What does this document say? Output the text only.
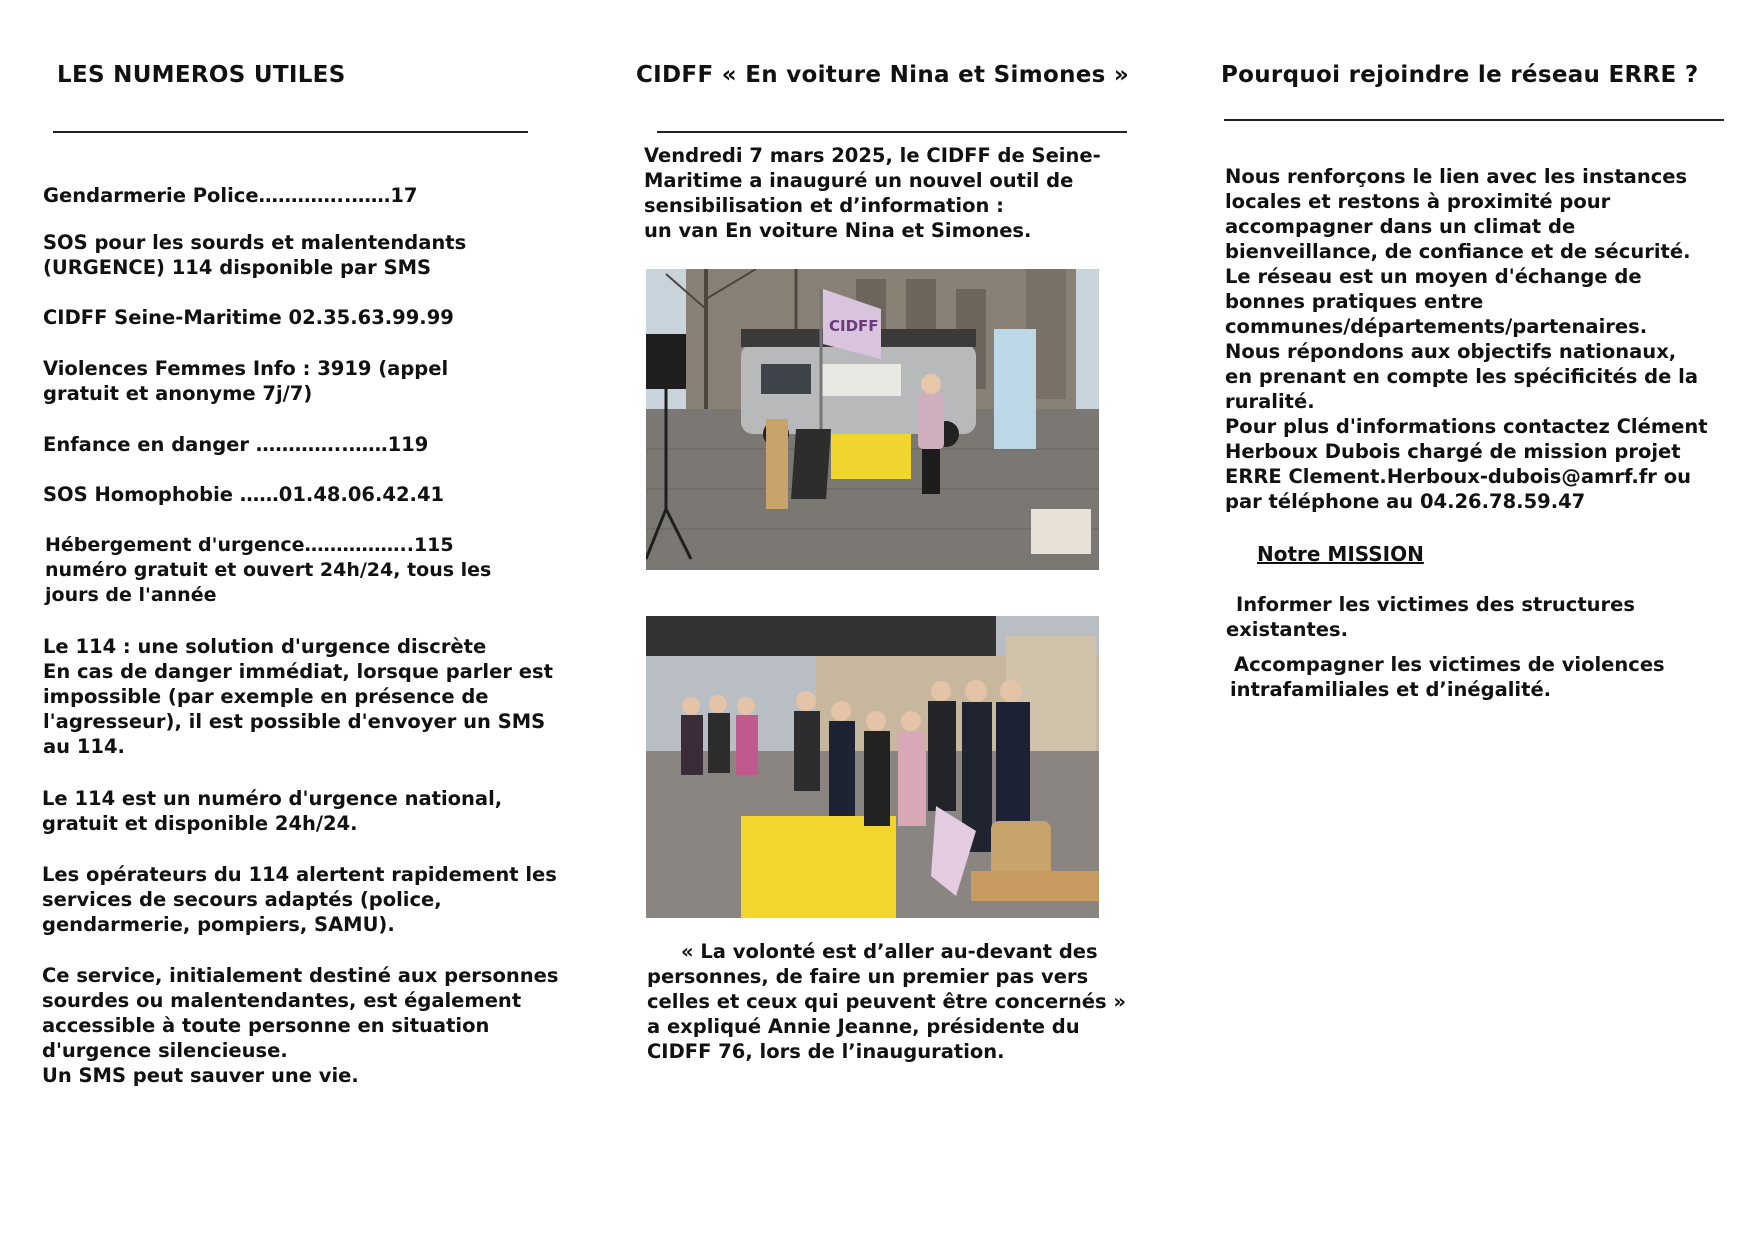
LES NUMEROS UTILES

Gendarmerie Police…………..……17

SOS pour les sourds et malentendants
(URGENCE) 114 disponible par SMS

CIDFF Seine-Maritime 02.35.63.99.99

Violences Femmes Info : 3919 (appel
gratuit et anonyme 7j/7)

Enfance en danger …………..……119

SOS Homophobie ……01.48.06.42.41

Hébergement d'urgence……………..115
numéro gratuit et ouvert 24h/24, tous les
jours de l'année

Le 114 : une solution d'urgence discrète
En cas de danger immédiat, lorsque parler est
impossible (par exemple en présence de
l'agresseur), il est possible d'envoyer un SMS
au 114.

Le 114 est un numéro d'urgence national,
gratuit et disponible 24h/24.

Les opérateurs du 114 alertent rapidement les
services de secours adaptés (police,
gendarmerie, pompiers, SAMU).

Ce service, initialement destiné aux personnes
sourdes ou malentendantes, est également
accessible à toute personne en situation
d'urgence silencieuse.
Un SMS peut sauver une vie.

CIDFF « En voiture Nina et Simones »

Vendredi 7 mars 2025, le CIDFF de Seine-
Maritime a inauguré un nouvel outil de
sensibilisation et d’information :
un van En voiture Nina et Simones.

CIDFF

« La volonté est d’aller au-devant des
personnes, de faire un premier pas vers
celles et ceux qui peuvent être concernés »
a expliqué Annie Jeanne, présidente du
CIDFF 76, lors de l’inauguration.

Pourquoi rejoindre le réseau ERRE ?

Nous renforçons le lien avec les instances
locales et restons à proximité pour
accompagner dans un climat de
bienveillance, de confiance et de sécurité.
Le réseau est un moyen d'échange de
bonnes pratiques entre
communes/départements/partenaires.
Nous répondons aux objectifs nationaux,
en prenant en compte les spécificités de la
ruralité.
Pour plus d'informations contactez Clément
Herboux Dubois chargé de mission projet
ERRE Clement.Herboux-dubois@amrf.fr ou
par téléphone au 04.26.78.59.47

Notre MISSION

Informer les victimes des structures
existantes.

Accompagner les victimes de violences
intrafamiliales et d’inégalité.
